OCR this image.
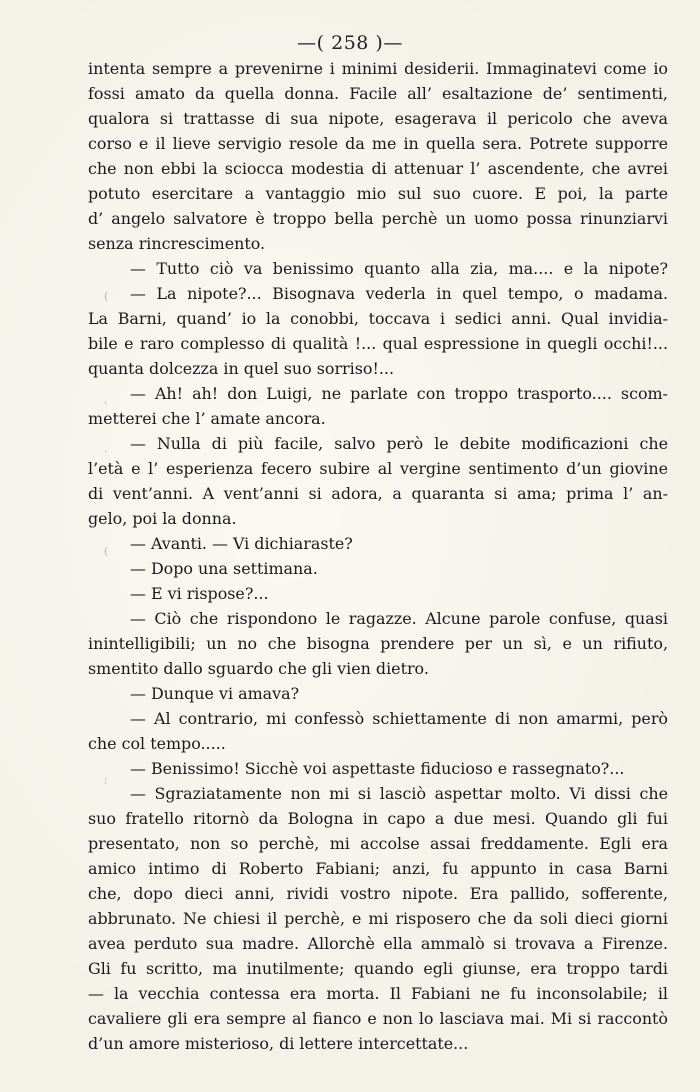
—( 258 )—
intenta sempre a prevenirne i minimi desiderii. Immaginatevi come io
fossi amato da quella donna. Facile all’ esaltazione de’ sentimenti,
qualora si trattasse di sua nipote, esagerava il pericolo che aveva
corso e il lieve servigio resole da me in quella sera. Potrete supporre
che non ebbi la sciocca modestia di attenuar l’ ascendente, che avrei
potuto esercitare a vantaggio mio sul suo cuore. E poi, la parte
d’ angelo salvatore è troppo bella perchè un uomo possa rinunziarvi
senza rincrescimento.
— Tutto ciò va benissimo quanto alla zia, ma.... e la nipote?
— La nipote?... Bisognava vederla in quel tempo, o madama.
La Barni, quand’ io la conobbi, toccava i sedici anni. Qual invidia-
bile e raro complesso di qualità !... qual espressione in quegli occhi!...
quanta dolcezza in quel suo sorriso!...
— Ah! ah! don Luigi, ne parlate con troppo trasporto.... scom-
metterei che l’ amate ancora.
— Nulla di più facile, salvo però le debite modificazioni che
l’età e l’ esperienza fecero subire al vergine sentimento d’un giovine
di vent’anni. A vent’anni si adora, a quaranta si ama; prima l’ an-
gelo, poi la donna.
— Avanti. — Vi dichiaraste?
— Dopo una settimana.
— E vi rispose?...
— Ciò che rispondono le ragazze. Alcune parole confuse, quasi
inintelligibili; un no che bisogna prendere per un sì, e un rifiuto,
smentito dallo sguardo che gli vien dietro.
— Dunque vi amava?
— Al contrario, mi confessò schiettamente di non amarmi, però
che col tempo.....
— Benissimo! Sicchè voi aspettaste fiducioso e rassegnato?...
— Sgraziatamente non mi si lasciò aspettar molto. Vi dissi che
suo fratello ritornò da Bologna in capo a due mesi. Quando gli fui
presentato, non so perchè, mi accolse assai freddamente. Egli era
amico intimo di Roberto Fabiani; anzi, fu appunto in casa Barni
che, dopo dieci anni, rividi vostro nipote. Era pallido, sofferente,
abbrunato. Ne chiesi il perchè, e mi risposero che da soli dieci giorni
avea perduto sua madre. Allorchè ella ammalò si trovava a Firenze.
Gli fu scritto, ma inutilmente; quando egli giunse, era troppo tardi
— la vecchia contessa era morta. Il Fabiani ne fu inconsolabile; il
cavaliere gli era sempre al fianco e non lo lasciava mai. Mi si raccontò
d’un amore misterioso, di lettere intercettate...
(
,
·
(
;
